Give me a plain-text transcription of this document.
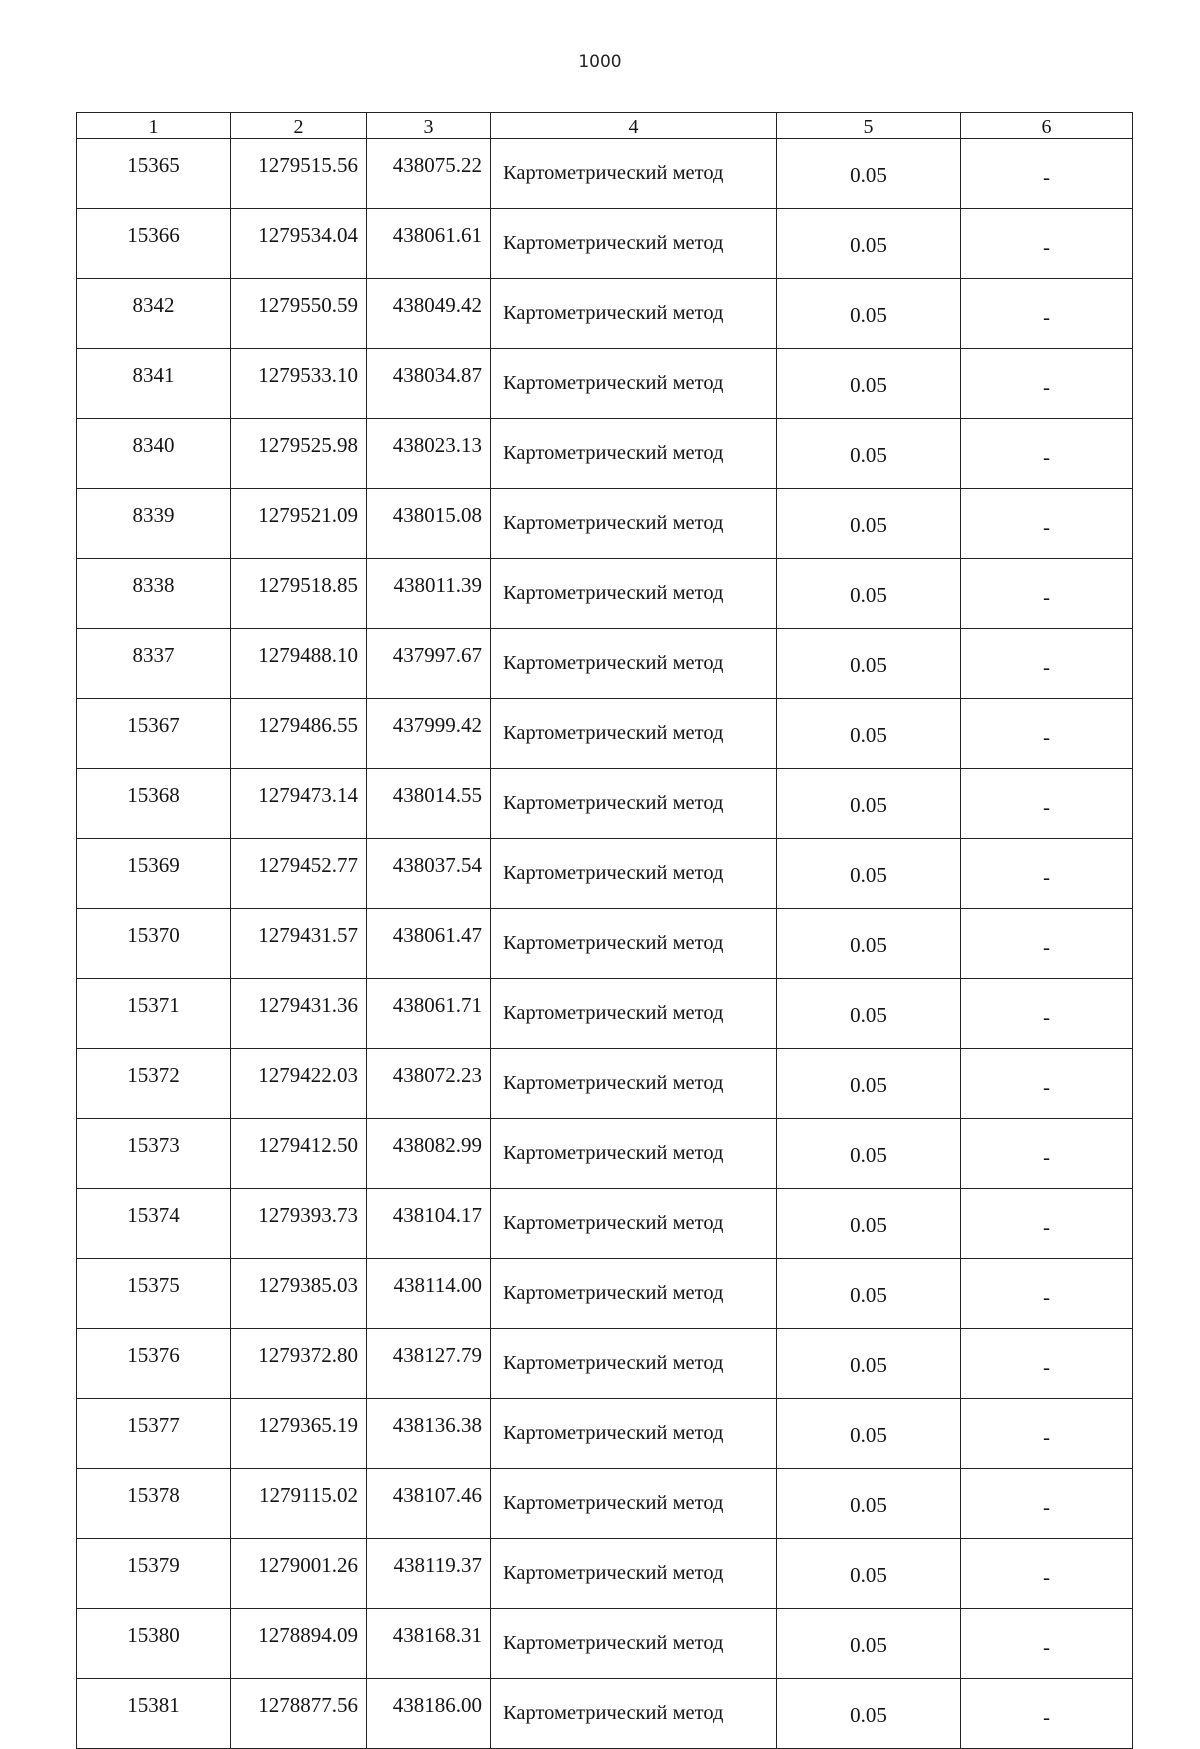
1000
1	2	3	4	5	6
15365	1279515.56	438075.22	Картометрический метод	0.05	-
15366	1279534.04	438061.61	Картометрический метод	0.05	-
8342	1279550.59	438049.42	Картометрический метод	0.05	-
8341	1279533.10	438034.87	Картометрический метод	0.05	-
8340	1279525.98	438023.13	Картометрический метод	0.05	-
8339	1279521.09	438015.08	Картометрический метод	0.05	-
8338	1279518.85	438011.39	Картометрический метод	0.05	-
8337	1279488.10	437997.67	Картометрический метод	0.05	-
15367	1279486.55	437999.42	Картометрический метод	0.05	-
15368	1279473.14	438014.55	Картометрический метод	0.05	-
15369	1279452.77	438037.54	Картометрический метод	0.05	-
15370	1279431.57	438061.47	Картометрический метод	0.05	-
15371	1279431.36	438061.71	Картометрический метод	0.05	-
15372	1279422.03	438072.23	Картометрический метод	0.05	-
15373	1279412.50	438082.99	Картометрический метод	0.05	-
15374	1279393.73	438104.17	Картометрический метод	0.05	-
15375	1279385.03	438114.00	Картометрический метод	0.05	-
15376	1279372.80	438127.79	Картометрический метод	0.05	-
15377	1279365.19	438136.38	Картометрический метод	0.05	-
15378	1279115.02	438107.46	Картометрический метод	0.05	-
15379	1279001.26	438119.37	Картометрический метод	0.05	-
15380	1278894.09	438168.31	Картометрический метод	0.05	-
15381	1278877.56	438186.00	Картометрический метод	0.05	-
